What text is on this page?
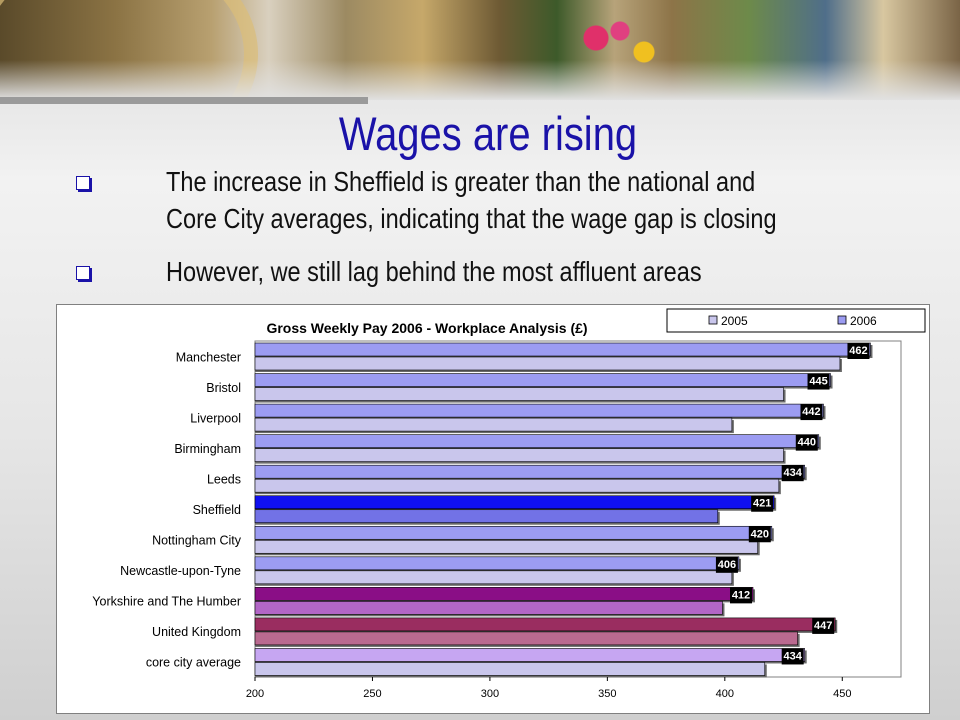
Wages are rising
The increase in Sheffield is greater than the national and
Core City averages, indicating that the wage gap is closing
However, we still lag behind the most affluent areas
Gross Weekly Pay 2006 - Workplace Analysis (£)	2005	2006
462
Manchester
445
Bristol
442
Liverpool
440
Birmingham
434
Leeds
421
Sheffield
420
Nottingham City
406
Newcastle-upon-Tyne
412
Yorkshire and The Humber
447
United Kingdom
434
core city average
200	250	300	350	400	450
